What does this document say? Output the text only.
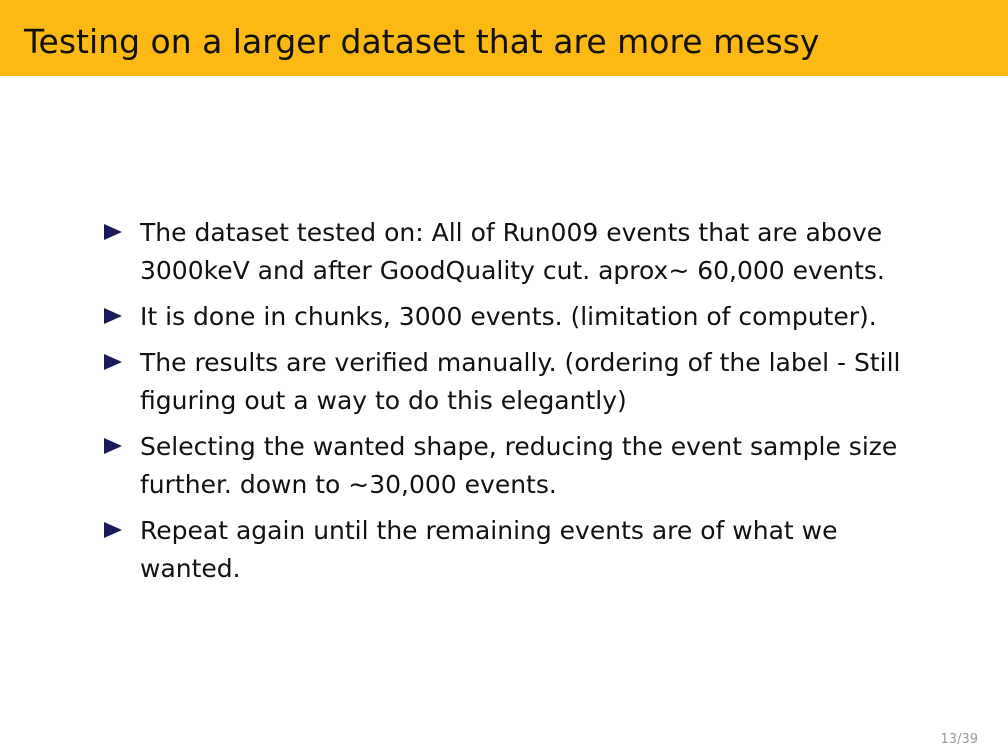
Testing on a larger dataset that are more messy
The dataset tested on: All of Run009 events that are above 3000keV and after GoodQuality cut. aprox∼ 60,000 events.
It is done in chunks, 3000 events. (limitation of computer).
The results are verified manually. (ordering of the label - Still figuring out a way to do this elegantly)
Selecting the wanted shape, reducing the event sample size further. down to ∼30,000 events.
Repeat again until the remaining events are of what we wanted.
13/39
